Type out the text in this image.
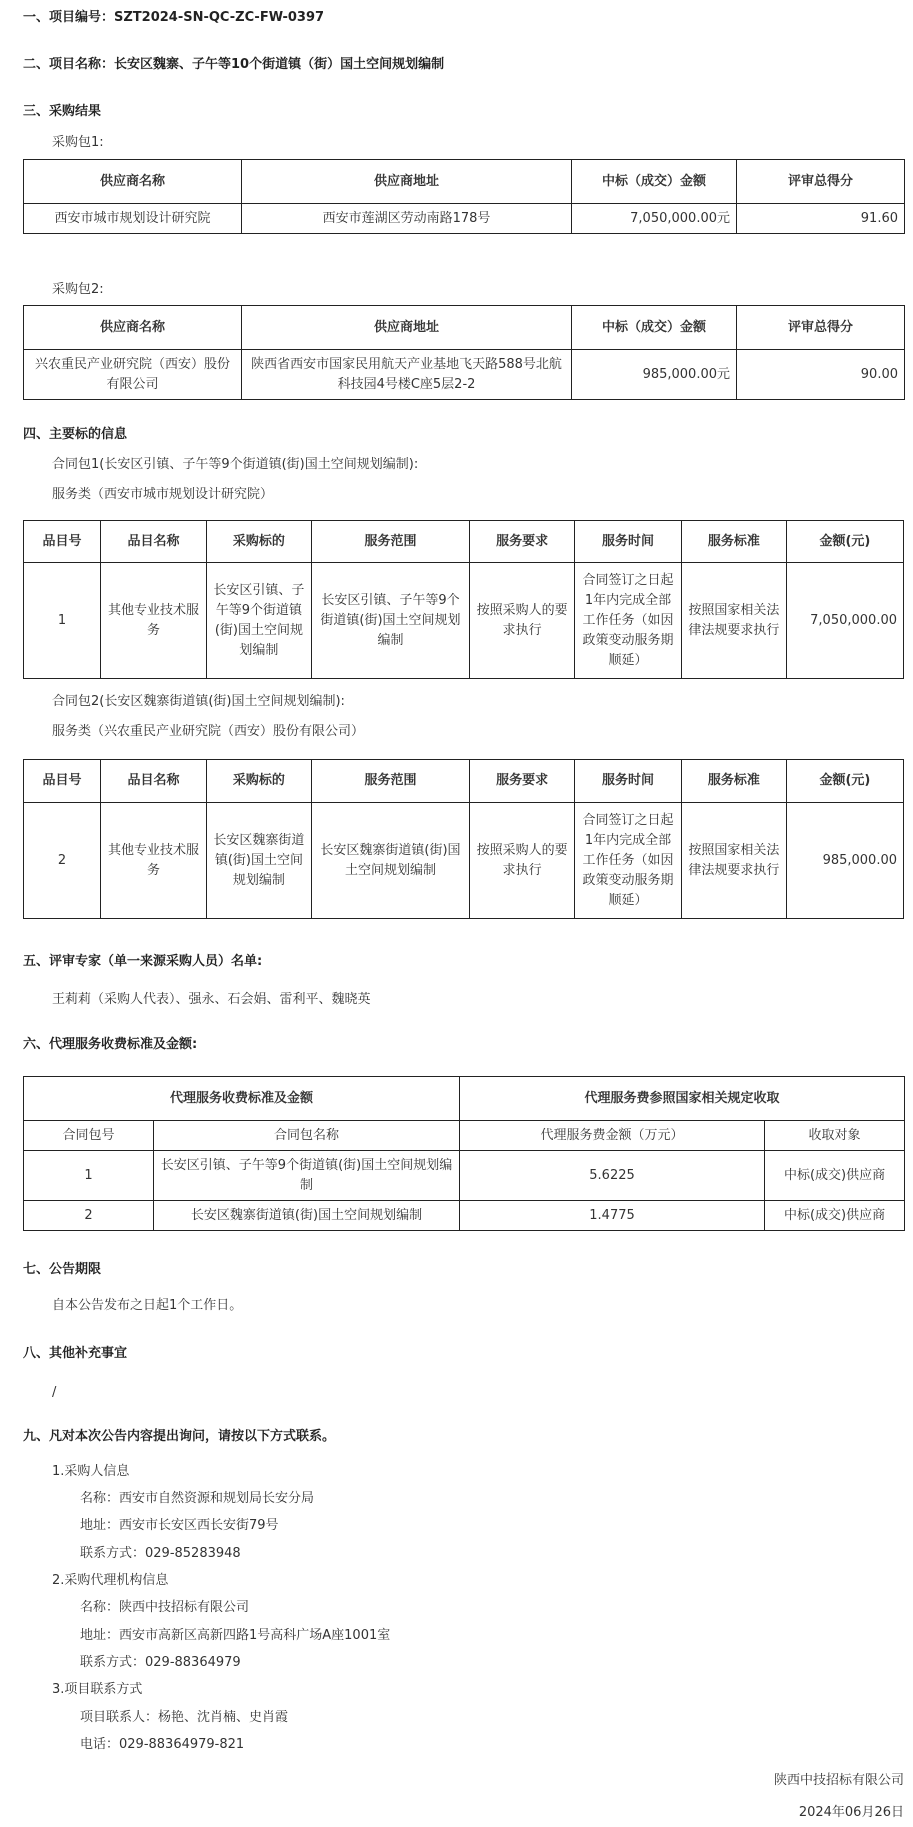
一、项目编号：SZT2024-SN-QC-ZC-FW-0397
二、项目名称：长安区魏寨、子午等10个街道镇（街）国土空间规划编制
三、采购结果
采购包1:
供应商名称	供应商地址	中标（成交）金额	评审总得分
西安市城市规划设计研究院	西安市莲湖区劳动南路178号	7,050,000.00元	91.60
采购包2:
供应商名称	供应商地址	中标（成交）金额	评审总得分
兴农重民产业研究院（西安）股份有限公司	陕西省西安市国家民用航天产业基地飞天路588号北航科技园4号楼C座5层2-2	985,000.00元	90.00
四、主要标的信息
合同包1(长安区引镇、子午等9个街道镇(街)国土空间规划编制):
服务类（西安市城市规划设计研究院）
品目号	品目名称	采购标的	服务范围	服务要求	服务时间	服务标准	金额(元)
1	其他专业技术服务	长安区引镇、子午等9个街道镇(街)国土空间规划编制	长安区引镇、子午等9个街道镇(街)国土空间规划编制	按照采购人的要求执行	合同签订之日起1年内完成全部工作任务（如因政策变动服务期顺延）	按照国家相关法律法规要求执行	7,050,000.00
合同包2(长安区魏寨街道镇(街)国土空间规划编制):
服务类（兴农重民产业研究院（西安）股份有限公司）
品目号	品目名称	采购标的	服务范围	服务要求	服务时间	服务标准	金额(元)
2	其他专业技术服务	长安区魏寨街道镇(街)国土空间规划编制	长安区魏寨街道镇(街)国土空间规划编制	按照采购人的要求执行	合同签订之日起1年内完成全部工作任务（如因政策变动服务期顺延）	按照国家相关法律法规要求执行	985,000.00
五、评审专家（单一来源采购人员）名单:
王莉莉（采购人代表）、强永、石会娟、雷利平、魏晓英
六、代理服务收费标准及金额:
代理服务收费标准及金额		代理服务费参照国家相关规定收取	
合同包号	合同包名称	代理服务费金额（万元）	收取对象
1	长安区引镇、子午等9个街道镇(街)国土空间规划编制	5.6225	中标(成交)供应商
2	长安区魏寨街道镇(街)国土空间规划编制	1.4775	中标(成交)供应商
七、公告期限
自本公告发布之日起1个工作日。
八、其他补充事宜
/
九、凡对本次公告内容提出询问，请按以下方式联系。
1.采购人信息
名称：西安市自然资源和规划局长安分局
地址：西安市长安区西长安街79号
联系方式：029-85283948
2.采购代理机构信息
名称：陕西中技招标有限公司
地址：西安市高新区高新四路1号高科广场A座1001室
联系方式：029-88364979
3.项目联系方式
项目联系人：杨艳、沈肖楠、史肖霞
电话：029-88364979-821
陕西中技招标有限公司
2024年06月26日
